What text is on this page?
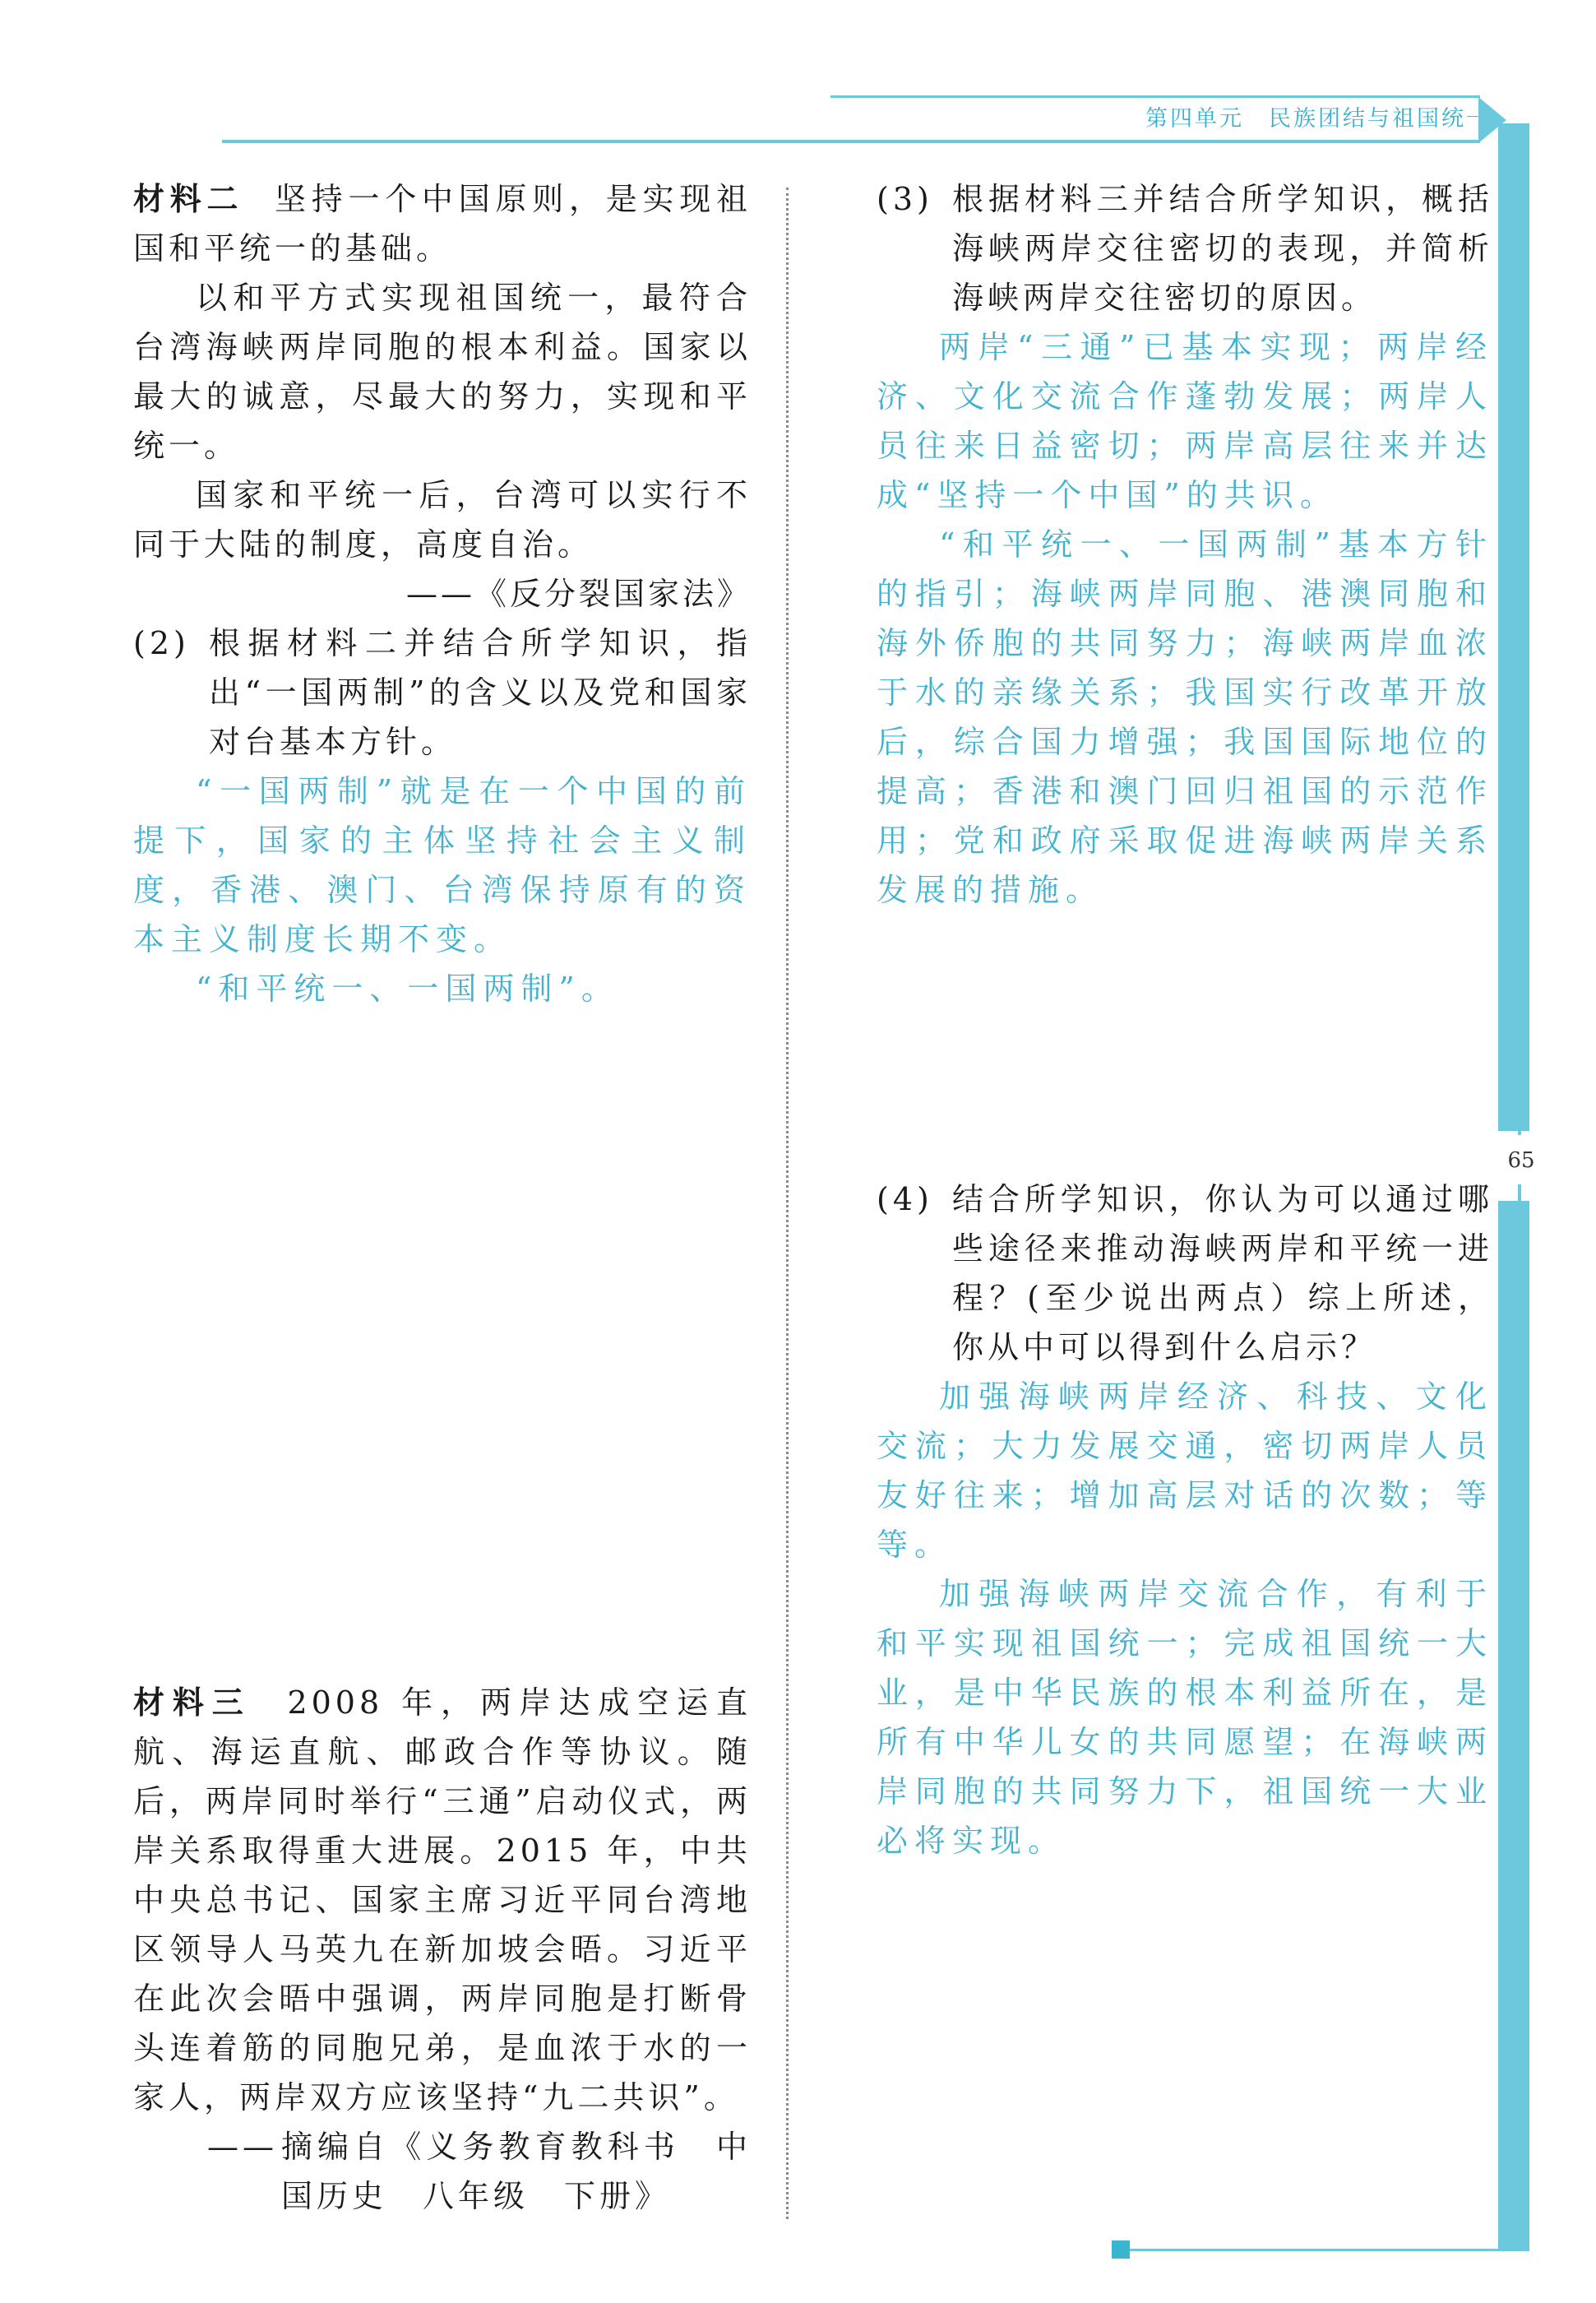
第四单元　民族团结与祖国统一
65
材料二 坚持一个中国原则，是实现祖国和平统一的基础。
以和平方式实现祖国统一，最符合台湾海峡两岸同胞的根本利益。国家以最大的诚意，尽最大的努力，实现和平统一。
国家和平统一后，台湾可以实行不同于大陆的制度，高度自治。
——《反分裂国家法》
(2) 根据材料二并结合所学知识，指出“一国两制”的含义以及党和国家对台基本方针。
“一国两制”就是在一个中国的前提下，国家的主体坚持社会主义制度，香港、澳门、台湾保持原有的资本主义制度长期不变。
“和平统一、一国两制”。
材料三 2008 年，两岸达成空运直航、海运直航、邮政合作等协议。随后，两岸同时举行“三通”启动仪式，两岸关系取得重大进展。2015 年，中共中央总书记、国家主席习近平同台湾地区领导人马英九在新加坡会晤。习近平在此次会晤中强调，两岸同胞是打断骨头连着筋的同胞兄弟，是血浓于水的一家人，两岸双方应该坚持“九二共识”。
—— 摘编自《义务教育教科书　中国历史　八年级　下册》
(3) 根据材料三并结合所学知识，概括海峡两岸交往密切的表现，并简析海峡两岸交往密切的原因。
两岸“三通”已基本实现；两岸经济、文化交流合作蓬勃发展；两岸人员往来日益密切；两岸高层往来并达成“坚持一个中国”的共识。
“和平统一、一国两制”基本方针的指引；海峡两岸同胞、港澳同胞和海外侨胞的共同努力；海峡两岸血浓于水的亲缘关系；我国实行改革开放后，综合国力增强；我国国际地位的提高；香港和澳门回归祖国的示范作用；党和政府采取促进海峡两岸关系发展的措施。
(4) 结合所学知识，你认为可以通过哪些途径来推动海峡两岸和平统一进程？(至少说出两点）综上所述，你从中可以得到什么启示？
加强海峡两岸经济、科技、文化交流；大力发展交通，密切两岸人员友好往来；增加高层对话的次数；等等。
加强海峡两岸交流合作，有利于和平实现祖国统一；完成祖国统一大业，是中华民族的根本利益所在，是所有中华儿女的共同愿望；在海峡两岸同胞的共同努力下，祖国统一大业必将实现。
